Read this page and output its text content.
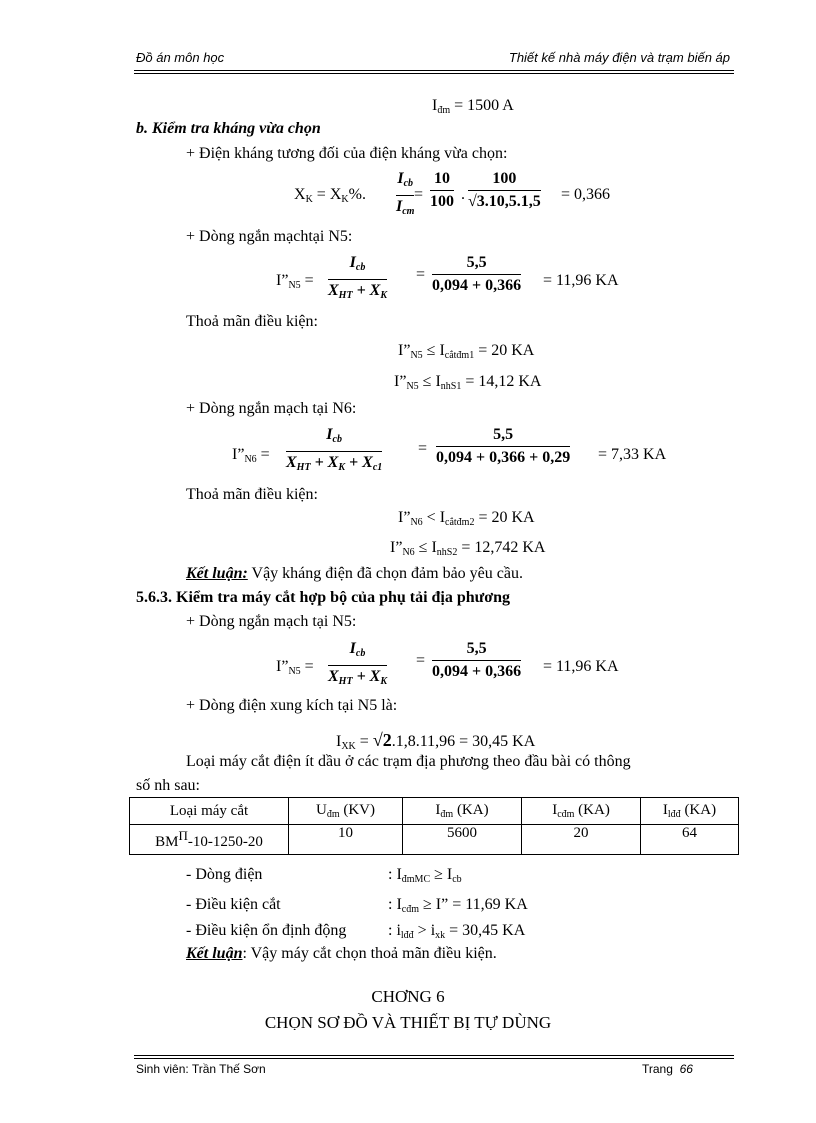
Đồ án môn học	Thiết kế nhà máy điện và trạm biến áp
$I_{đm} = 1500$ A
b. Kiểm tra kháng vừa chọn
+ Điện kháng tương đối của điện kháng vừa chọn:
$X_K = X_K\%$.
$I_{cb}$
$I_{cm}$
=
10
100 .
100
√3.10,5.1,5 = 0,366
+ Dòng ngắn mạchtại N5:
$I”_{N5}$ =
$I_{cb}$
$X_{HT} + X_K$
=
5,5
0,094 + 0,366 = 11,96 KA
Thoả mãn điều kiện:
$I”_{N5} \le I_{cắtđm1} = 20$ KA
$I”_{N5} \le I_{nhS1} = 14,12$ KA
+ Dòng ngắn mạch tại N6:
$I”_{N6}$ =
$I_{cb}$
$X_{HT} + X_K + X_{c1}$
=
5,5
0,094 + 0,366 + 0,29 = 7,33 KA
Thoả mãn điều kiện:
$I”_{N6} < I_{cắtđm2} = 20$ KA
$I”_{N6} \le I_{nhS2} = 12,742$ KA
Kết luận: Vậy kháng điện đã chọn đảm bảo yêu cầu.
5.6.3. Kiểm tra máy cắt hợp bộ của phụ tải địa phương
+ Dòng ngắn mạch tại N5:
$I”_{N5}$ =
$I_{cb}$
$X_{HT} + X_K$
=
5,5
0,094 + 0,366 = 11,96 KA
+ Dòng điện xung kích tại N5 là:
$I_{XK} = √2.1,8.11,96 = 30,45$ KA
Loại máy cắt điện ít dầu ở các trạm địa phương theo đầu bài có thông
số nh sau:
Loại máy cắt	$U_{đm}$ (KV)	$I_{đm}$ (KA)	$I_{cđm}$ (KA)	$I_{lđđ}$ (KA)
$BM^\Pi-10-1250-20$	10	5600	20	64
- Dòng điện	: $I_{đmMC} \ge I_{cb}$
- Điều kiện cắt	: $I_{cđm} \ge I$” = 11,69 KA
- Điều kiện ổn định động	: $i_{lđđ} > i_{xk} = 30,45$ KA
Kết luận: Vậy máy cắt chọn thoả mãn điều kiện.
CHƠNG 6
CHỌN SƠ ĐỒ VÀ THIẾT BỊ TỰ DÙNG
Sinh viên: Trần Thế Sơn	Trang 66
